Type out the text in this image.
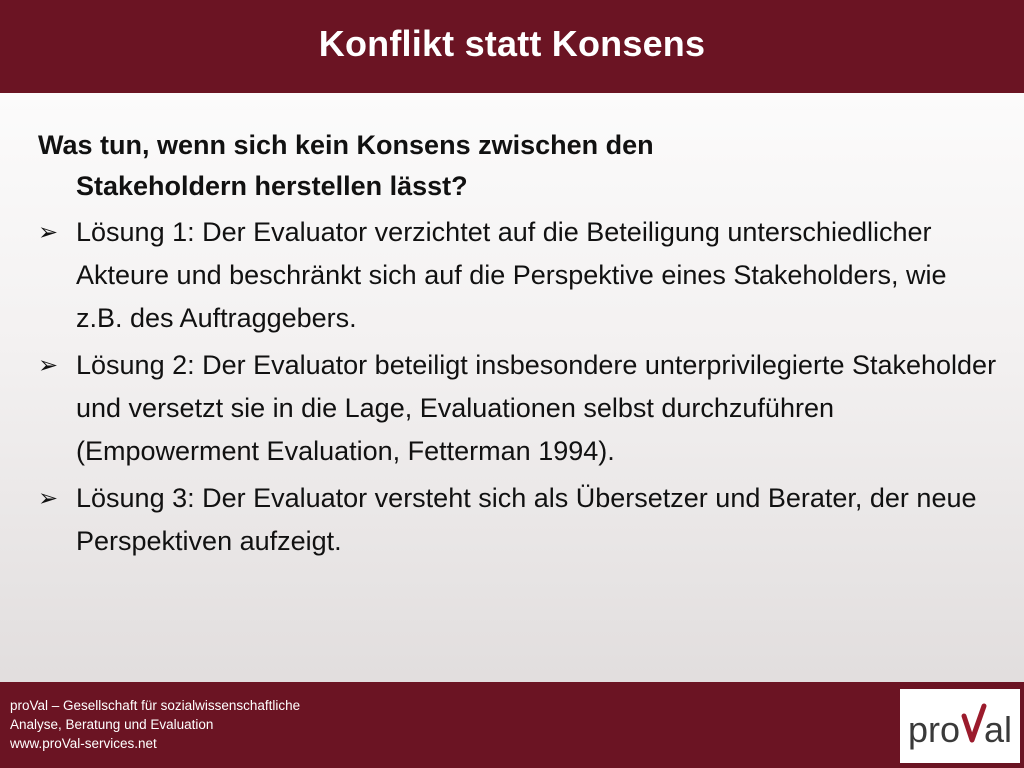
Konflikt statt Konsens
Was tun, wenn sich kein Konsens zwischen den
Stakeholdern herstellen lässt?
➢ Lösung 1: Der Evaluator verzichtet auf die Beteiligung unterschiedlicher Akteure und beschränkt sich auf die Perspektive eines Stakeholders, wie z.B. des Auftraggebers.
➢ Lösung 2: Der Evaluator beteiligt insbesondere unterprivilegierte Stakeholder und versetzt sie in die Lage, Evaluationen selbst durchzuführen (Empowerment Evaluation, Fetterman 1994).
➢ Lösung 3: Der Evaluator versteht sich als Übersetzer und Berater, der neue Perspektiven aufzeigt.
proVal – Gesellschaft für sozialwissenschaftliche
Analyse, Beratung und Evaluation
www.proVal-services.net	pro al
